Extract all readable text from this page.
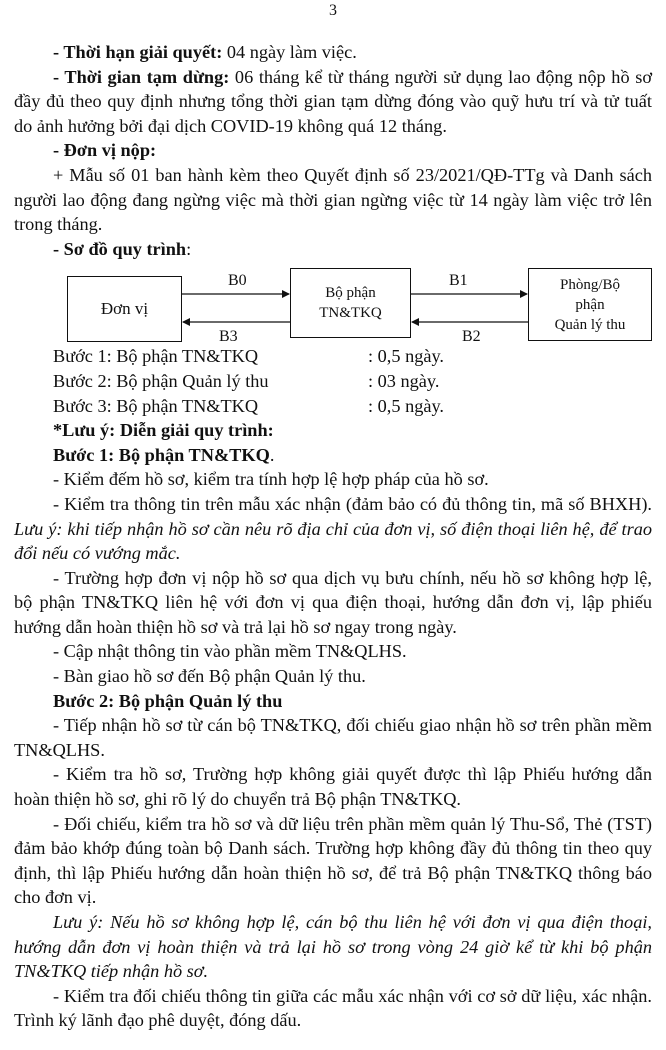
3

- Thời hạn giải quyết: 04 ngày làm việc.

- Thời gian tạm dừng: 06 tháng kể từ tháng người sử dụng lao động nộp hồ sơ đầy đủ theo quy định nhưng tổng thời gian tạm dừng đóng vào quỹ hưu trí và tử tuất do ảnh hưởng bởi đại dịch COVID-19 không quá 12 tháng.

- Đơn vị nộp:

+ Mẫu số 01 ban hành kèm theo Quyết định số 23/2021/QĐ-TTg và Danh sách người lao động đang ngừng việc mà thời gian ngừng việc từ 14 ngày làm việc trở lên trong tháng.

- Sơ đồ quy trình:

Đơn vị
Bộ phận
TN&TKQ
Phòng/Bộ
phận
Quản lý thu
B0
B3
B1
B2
Bước 1: Bộ phận TN&TKQ	: 0,5 ngày.
Bước 2: Bộ phận Quản lý thu	: 03 ngày.
Bước 3: Bộ phận TN&TKQ	: 0,5 ngày.

*Lưu ý: Diễn giải quy trình:

Bước 1: Bộ phận TN&TKQ.

- Kiểm đếm hồ sơ, kiểm tra tính hợp lệ hợp pháp của hồ sơ.

- Kiểm tra thông tin trên mẫu xác nhận (đảm bảo có đủ thông tin, mã số BHXH). Lưu ý: khi tiếp nhận hồ sơ cần nêu rõ địa chỉ của đơn vị, số điện thoại liên hệ, để trao đổi nếu có vướng mắc.

- Trường hợp đơn vị nộp hồ sơ qua dịch vụ bưu chính, nếu hồ sơ không hợp lệ, bộ phận TN&TKQ liên hệ với đơn vị qua điện thoại, hướng dẫn đơn vị, lập phiếu hướng dẫn hoàn thiện hồ sơ và trả lại hồ sơ ngay trong ngày.

- Cập nhật thông tin vào phần mềm TN&QLHS.

- Bàn giao hồ sơ đến Bộ phận Quản lý thu.

Bước 2: Bộ phận Quản lý thu

- Tiếp nhận hồ sơ từ cán bộ TN&TKQ, đối chiếu giao nhận hồ sơ trên phần mềm TN&QLHS.

- Kiểm tra hồ sơ, Trường hợp không giải quyết được thì lập Phiếu hướng dẫn hoàn thiện hồ sơ, ghi rõ lý do chuyển trả Bộ phận TN&TKQ.

- Đối chiếu, kiểm tra hồ sơ và dữ liệu trên phần mềm quản lý Thu-Sổ, Thẻ (TST) đảm bảo khớp đúng toàn bộ Danh sách. Trường hợp không đầy đủ thông tin theo quy định, thì lập Phiếu hướng dẫn hoàn thiện hồ sơ, để trả Bộ phận TN&TKQ thông báo cho đơn vị.

Lưu ý: Nếu hồ sơ không hợp lệ, cán bộ thu liên hệ với đơn vị qua điện thoại, hướng dẫn đơn vị hoàn thiện và trả lại hồ sơ trong vòng 24 giờ kể từ khi bộ phận TN&TKQ tiếp nhận hồ sơ.

- Kiểm tra đối chiếu thông tin giữa các mẫu xác nhận với cơ sở dữ liệu, xác nhận. Trình ký lãnh đạo phê duyệt, đóng dấu.
